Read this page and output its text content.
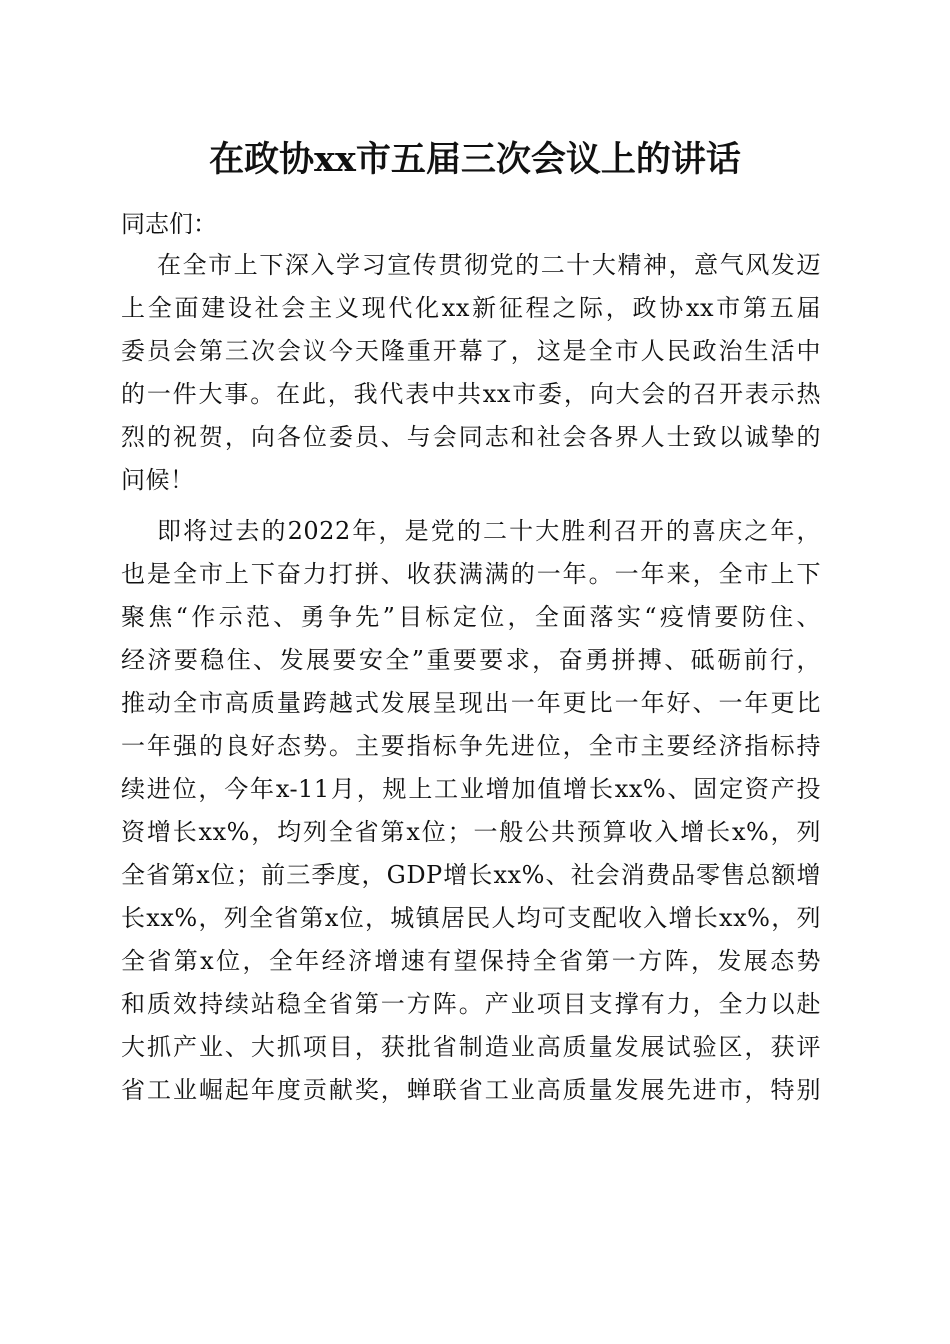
在政协xx市五届三次会议上的讲话

同志们：

在全市上下深入学习宣传贯彻党的二十大精神，意气风发迈
上全面建设社会主义现代化xx新征程之际，政协xx市第五届
委员会第三次会议今天隆重开幕了，这是全市人民政治生活中
的一件大事。在此，我代表中共xx市委，向大会的召开表示热
烈的祝贺，向各位委员、与会同志和社会各界人士致以诚挚的
问候！

即将过去的2022年，是党的二十大胜利召开的喜庆之年，
也是全市上下奋力打拼、收获满满的一年。一年来，全市上下
聚焦“作示范、勇争先”目标定位，全面落实“疫情要防住、
经济要稳住、发展要安全”重要要求，奋勇拼搏、砥砺前行，
推动全市高质量跨越式发展呈现出一年更比一年好、一年更比
一年强的良好态势。主要指标争先进位，全市主要经济指标持
续进位，今年x-11月，规上工业增加值增长xx%、固定资产投
资增长xx%，均列全省第x位；一般公共预算收入增长x%，列
全省第x位；前三季度，GDP增长xx%、社会消费品零售总额增
长xx%，列全省第x位，城镇居民人均可支配收入增长xx%，列
全省第x位，全年经济增速有望保持全省第一方阵，发展态势
和质效持续站稳全省第一方阵。产业项目支撑有力，全力以赴
大抓产业、大抓项目，获批省制造业高质量发展试验区，获评
省工业崛起年度贡献奖，蝉联省工业高质量发展先进市，特别
